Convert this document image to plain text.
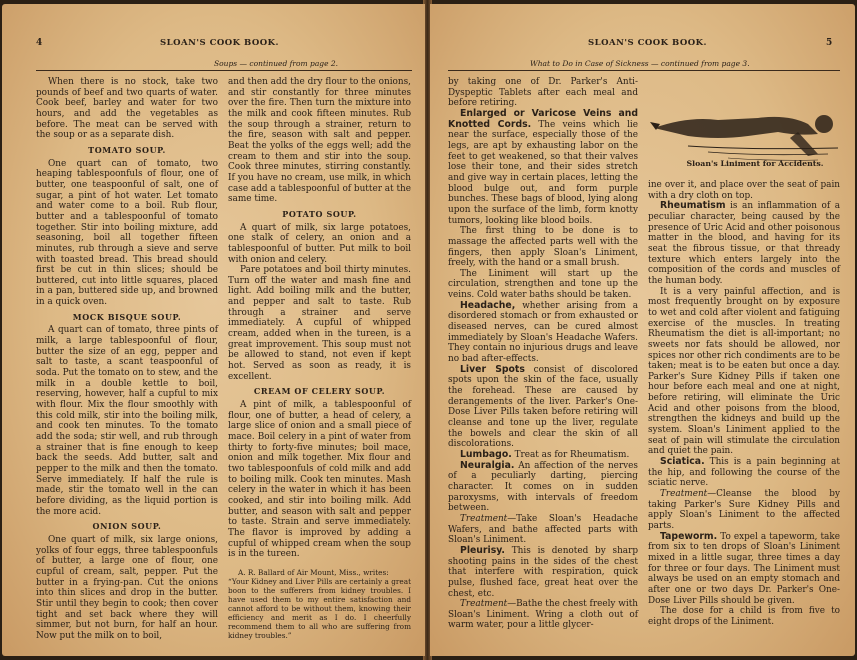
4	SLOAN'S COOK BOOK.
Soups — continued from page 2.

When there is no stock, take two pounds of beef and two quarts of water. Cook beef, barley and water for two hours, and add the vegetables as before. The meat can be served with the soup or as a separate dish.

TOMATO SOUP.

One quart can of tomato, two heaping tablespoonfuls of flour, one of butter, one teaspoonful of salt, one of sugar, a pint of hot water. Let tomato and water come to a boil. Rub flour, butter and a tablespoonful of tomato together. Stir into boiling mixture, add seasoning, boil all together fifteen minutes, rub through a sieve and serve with toasted bread. This bread should first be cut in thin slices; should be buttered, cut into little squares, placed in a pan, buttered side up, and browned in a quick oven.

MOCK BISQUE SOUP.

A quart can of tomato, three pints of milk, a large tablespoonful of flour, butter the size of an egg, pepper and salt to taste, a scant teaspoonful of soda. Put the tomato on to stew, and the milk in a double kettle to boil, reserving, however, half a cupful to mix with flour. Mix the flour smoothly with this cold milk, stir into the boiling milk, and cook ten minutes. To the tomato add the soda; stir well, and rub through a strainer that is fine enough to keep back the seeds. Add butter, salt and pepper to the milk and then the tomato. Serve immediately. If half the rule is made, stir the tomato well in the can before dividing, as the liquid portion is the more acid.

ONION SOUP.

One quart of milk, six large onions, yolks of four eggs, three tablespoonfuls of butter, a large one of flour, one cupful of cream, salt, pepper. Put the butter in a frying-pan. Cut the onions into thin slices and drop in the butter. Stir until they begin to cook; then cover tight and set back where they will simmer, but not burn, for half an hour. Now put the milk on to boil,

and then add the dry flour to the onions, and stir constantly for three minutes over the fire. Then turn the mixture into the milk and cook fifteen minutes. Rub the soup through a strainer, return to the fire, season with salt and pepper. Beat the yolks of the eggs well; add the cream to them and stir into the soup. Cook three minutes, stirring constantly. If you have no cream, use milk, in which case add a tablespoonful of butter at the same time.

POTATO SOUP.

A quart of milk, six large potatoes, one stalk of celery, an onion and a tablespoonful of butter. Put milk to boil with onion and celery.

Pare potatoes and boil thirty minutes. Turn off the water and mash fine and light. Add boiling milk and the butter, and pepper and salt to taste. Rub through a strainer and serve immediately. A cupful of whipped cream, added when in the tureen, is a great improvement. This soup must not be allowed to stand, not even if kept hot. Served as soon as ready, it is excellent.

CREAM OF CELERY SOUP.

A pint of milk, a tablespoonful of flour, one of butter, a head of celery, a large slice of onion and a small piece of mace. Boil celery in a pint of water from thirty to forty-five minutes; boil mace, onion and milk together. Mix flour and two tablespoonfuls of cold milk and add to boiling milk. Cook ten minutes. Mash celery in the water in which it has been cooked, and stir into boiling milk. Add butter, and season with salt and pepper to taste. Strain and serve immediately. The flavor is improved by adding a cupful of whipped cream when the soup is in the tureen.

A. R. Ballard of Air Mount, Miss., writes:

“Your Kidney and Liver Pills are certainly a great boon to the sufferers from kidney troubles. I have used them to my entire satisfaction and cannot afford to be without them, knowing their efficiency and merit as I do. I cheerfully recommend them to all who are suffering from kidney troubles.”

SLOAN'S COOK BOOK.	5
What to Do in Case of Sickness — continued from page 3.
Sloan's Liniment for Accidents.

by taking one of Dr. Parker's Anti-Dyspeptic Tablets after each meal and before retiring.

Enlarged or Varicose Veins and Knotted Cords. The veins which lie near the surface, especially those of the legs, are apt by exhausting labor on the feet to get weakened, so that their valves lose their tone, and their sides stretch and give way in certain places, letting the blood bulge out, and form purple bunches. These bags of blood, lying along upon the surface of the limb, form knotty tumors, looking like blood boils.

The first thing to be done is to massage the affected parts well with the fingers, then apply Sloan's Liniment, freely, with the hand or a small brush.

The Liniment will start up the circulation, strengthen and tone up the veins. Cold water baths should be taken.

Headache, whether arising from a disordered stomach or from exhausted or diseased nerves, can be cured almost immediately by Sloan's Headache Wafers. They contain no injurious drugs and leave no bad after-effects.

Liver Spots consist of discolored spots upon the skin of the face, usually the forehead. These are caused by derangements of the liver. Parker's One-Dose Liver Pills taken before retiring will cleanse and tone up the liver, regulate the bowels and clear the skin of all discolorations.

Lumbago. Treat as for Rheumatism.

Neuralgia. An affection of the nerves of a peculiarly darting, piercing character. It comes on in sudden paroxysms, with intervals of freedom between.

Treatment—Take Sloan's Headache Wafers, and bathe affected parts with Sloan's Liniment.

Pleurisy. This is denoted by sharp shooting pains in the sides of the chest that interfere with respiration, quick pulse, flushed face, great heat over the chest, etc.

Treatment—Bathe the chest freely with Sloan's Liniment. Wring a cloth out of warm water, pour a little glycer-

ine over it, and place over the seat of pain with a dry cloth on top.

Rheumatism is an inflammation of a peculiar character, being caused by the presence of Uric Acid and other poisonous matter in the blood, and having for its seat the fibrous tissue, or that thready texture which enters largely into the composition of the cords and muscles of the human body.

It is a very painful affection, and is most frequently brought on by exposure to wet and cold after violent and fatiguing exercise of the muscles. In treating Rheumatism the diet is all-important; no sweets nor fats should be allowed, nor spices nor other rich condiments are to be taken; meat is to be eaten but once a day. Parker's Sure Kidney Pills if taken one hour before each meal and one at night, before retiring, will eliminate the Uric Acid and other poisons from the blood, strengthen the kidneys and build up the system. Sloan's Liniment applied to the seat of pain will stimulate the circulation and quiet the pain.

Sciatica. This is a pain beginning at the hip, and following the course of the sciatic nerve.

Treatment—Cleanse the blood by taking Parker's Sure Kidney Pills and apply Sloan's Liniment to the affected parts.

Tapeworm. To expel a tapeworm, take from six to ten drops of Sloan's Liniment mixed in a little sugar, three times a day for three or four days. The Liniment must always be used on an empty stomach and after one or two days Dr. Parker's One-Dose Liver Pills should be given.

The dose for a child is from five to eight drops of the Liniment.
